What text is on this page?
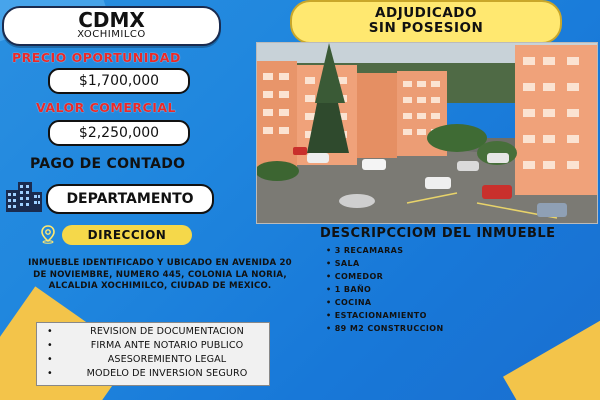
CDMX
XOCHIMILCO
ADJUDICADO
SIN POSESION
PRECIO OPORTUNIDAD
$1,700,000
VALOR COMERCIAL
$2,250,000
PAGO DE CONTADO
DEPARTAMENTO
DIRECCION
INMUEBLE IDENTIFICADO Y UBICADO EN AVENIDA 20 DE NOVIEMBRE, NUMERO 445, COLONIA LA NORIA, ALCALDIA XOCHIMILCO, CIUDAD DE MEXICO.
DESCRIPCCIOM DEL INMUEBLE
• 3 RECAMARAS
• SALA
• COMEDOR
• 1 BAÑO
• COCINA
• ESTACIONAMIENTO
• 89 M2 CONSTRUCCION
• REVISION DE DOCUMENTACION
• FIRMA ANTE NOTARIO PUBLICO
• ASESOREMIENTO LEGAL
• MODELO DE INVERSION SEGURO
